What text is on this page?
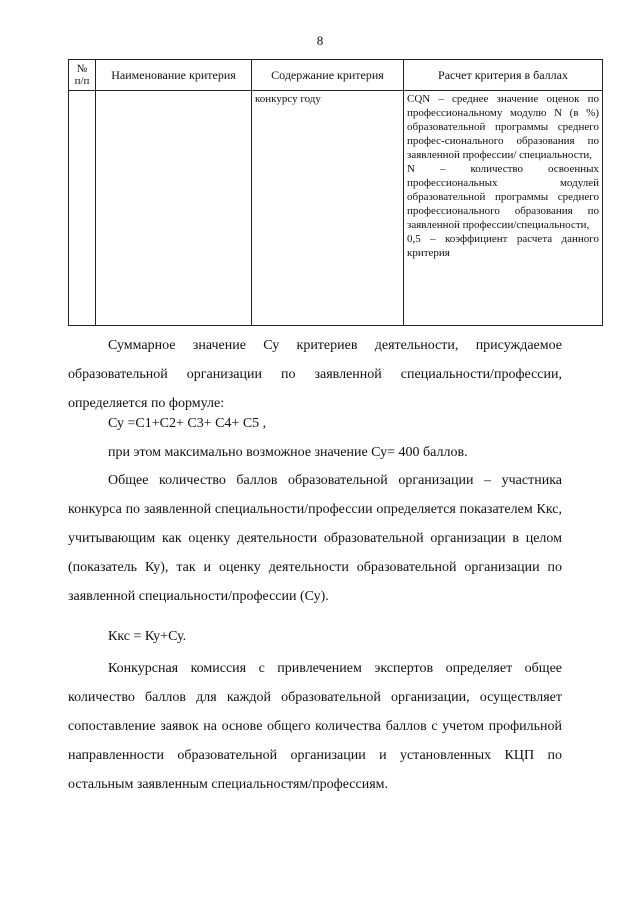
8
№ п/п	Наименование критерия	Содержание критерия	Расчет критерия в баллах
		конкурсу году	CQN – среднее значение оценок по профессиональному модулю N (в %) образовательной программы среднего профес-сионального образования по заявленной профессии/ специальности,
N – количество освоенных профессиональных модулей образовательной программы среднего профессионального образования по заявленной профессии/специальности,
0,5 – коэффициент расчета данного критерия
Суммарное значение Су критериев деятельности, присуждаемое
образовательной организации по заявленной специальности/профессии,
определяется по формуле:
Су =С1+С2+ С3+ С4+ С5 ,

при этом максимально возможное значение Су= 400 баллов.

Общее количество баллов образовательной организации – участника конкурса по заявленной специальности/профессии определяется показателем Ккс, учитывающим как оценку деятельности образовательной организации в целом (показатель Ку), так и оценку деятельности образовательной организации по заявленной специальности/профессии (Су).

Ккс = Ку+Су.

Конкурсная комиссия с привлечением экспертов определяет общее количество баллов для каждой образовательной организации, осуществляет сопоставление заявок на основе общего количества баллов с учетом профильной направленности образовательной организации и установленных КЦП по остальным заявленным специальностям/профессиям.
